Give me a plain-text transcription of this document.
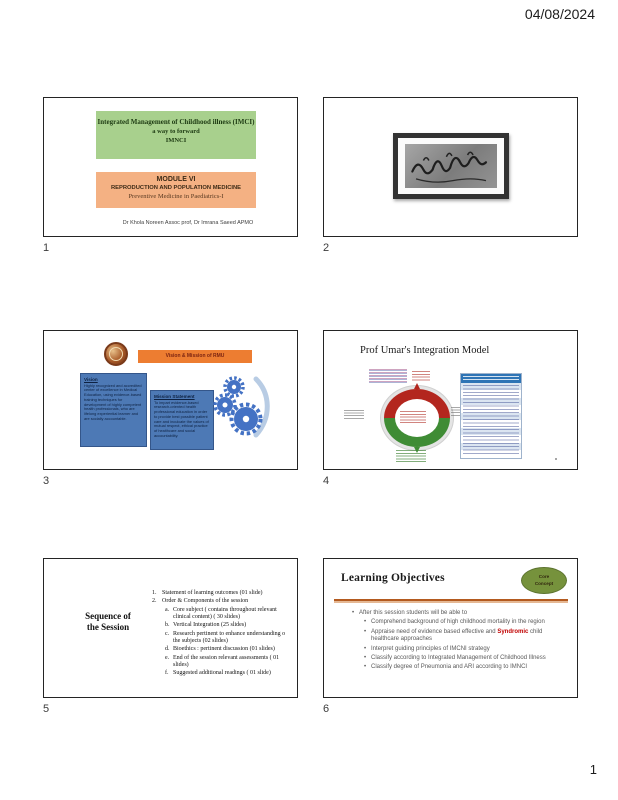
04/08/2024
Integrated Management of Childhood illness (IMCI)
a way to forward
IMNCI
MODULE VI
REPRODUCTION AND POPULATION MEDICINE
Preventive Medicine in Paediatrics-I
Dr Khola Noreen Assoc prof, Dr Imrana Saeed APMO
1	2
Vision & Mission of RMU
Vision
Highly recognized and accredited center of excellence in Medical Education, using evidence-based training techniques for development of highly competent health professionals, who are lifelong experiential learner and are socially accountable.
Mission Statement
To impart evidence-based research-oriented health professional education in order to provide best possible patient care and inculcate the values of mutual respect, ethical practice of healthcare and social accountability.
3
Prof Umar's Integration Model
4
Sequence of
the Session
1. Statement of learning outcomes (01 slide)
2. Order & Components of the session
a. Core subject ( contains throughout relevant clinical content) ( 30 slides)
b. Vertical Integration (25 slides)
c. Research pertinent to enhance understanding o the subjects (02 slides)
d. Bioethics : pertinent discussion (01 slides)
e. End of the session relevant assessments ( 01 slides)
f. Suggested additional readings ( 01 slide)
5
Learning Objectives	Core
Concept
• After this session students will be able to
• Comprehend background of high childhood mortality in the region
• Appraise need of evidence based effective and Syndromic child healthcare approaches
• Interpret guiding principles of IMCNI strategy
• Classify according to Integrated Management of Childhood Illness
• Classify degree of Pneumonia and ARI according to IMNCI
6
1
